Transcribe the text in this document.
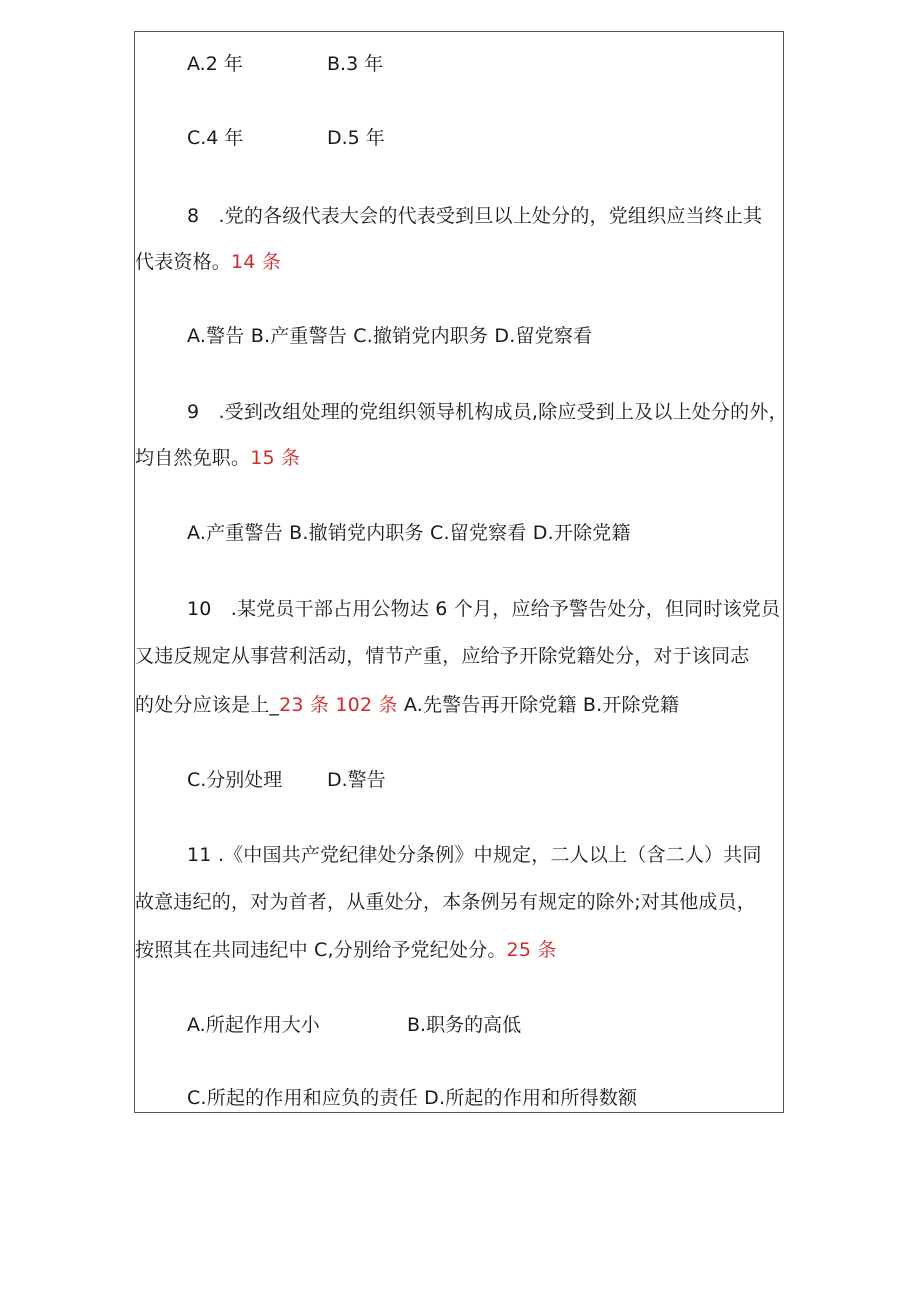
A.2 年	B.3 年
C.4 年	D.5 年
8　.党的各级代表大会的代表受到旦以上处分的，党组织应当终止其
代表资格。14 条
A.警告 B.产重警告 C.撤销党内职务 D.留党察看
9　.受到改组处理的党组织领导机构成员,除应受到上及以上处分的外，
均自然免职。15 条
A.产重警告 B.撤销党内职务 C.留党察看 D.开除党籍
10　.某党员干部占用公物达 6 个月，应给予警告处分，但同时该党员
又违反规定从事营利活动，情节产重，应给予开除党籍处分，对于该同志
的处分应该是上_23 条 102 条 A.先警告再开除党籍 B.开除党籍
C.分别处理 D.警告
11 .《中国共产党纪律处分条例》中规定，二人以上（含二人）共同
故意违纪的，对为首者，从重处分，本条例另有规定的除外;对其他成员，
按照其在共同违纪中 C,分别给予党纪处分。25 条
A.所起作用大小	B.职务的高低
C.所起的作用和应负的责任 D.所起的作用和所得数额
